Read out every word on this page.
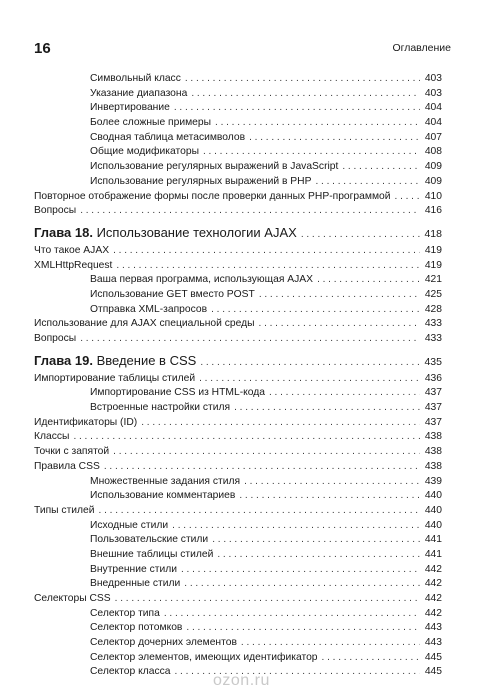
16	Оглавление
Символьный класс . . .	403
Указание диапазона . . .	403
Инвертирование . . .	404
Более сложные примеры . . .	404
Сводная таблица метасимволов . . .	407
Общие модификаторы . . .	408
Использование регулярных выражений в JavaScript . . .	409
Использование регулярных выражений в PHP . . .	409
Повторное отображение формы после проверки данных PHP-программой . . .	410
Вопросы . . .	416
Глава 18. Использование технологии AJAX . . .	418
Что такое AJAX . . .	419
XMLHttpRequest . . .	419
Ваша первая программа, использующая AJAX . . .	421
Использование GET вместо POST . . .	425
Отправка XML-запросов . . .	428
Использование для AJAX специальной среды . . .	433
Вопросы . . .	433
Глава 19. Введение в CSS . . .	435
Импортирование таблицы стилей . . .	436
Импортирование CSS из HTML-кода . . .	437
Встроенные настройки стиля . . .	437
Идентификаторы (ID) . . .	437
Классы . . .	438
Точки с запятой . . .	438
Правила CSS . . .	438
Множественные задания стиля . . .	439
Использование комментариев . . .	440
Типы стилей . . .	440
Исходные стили . . .	440
Пользовательские стили . . .	441
Внешние таблицы стилей . . .	441
Внутренние стили . . .	442
Внедренные стили . . .	442
Селекторы CSS . . .	442
Селектор типа . . .	442
Селектор потомков . . .	443
Селектор дочерних элементов . . .	443
Селектор элементов, имеющих идентификатор . . .	445
Селектор класса . . .	445
ozon.ru
